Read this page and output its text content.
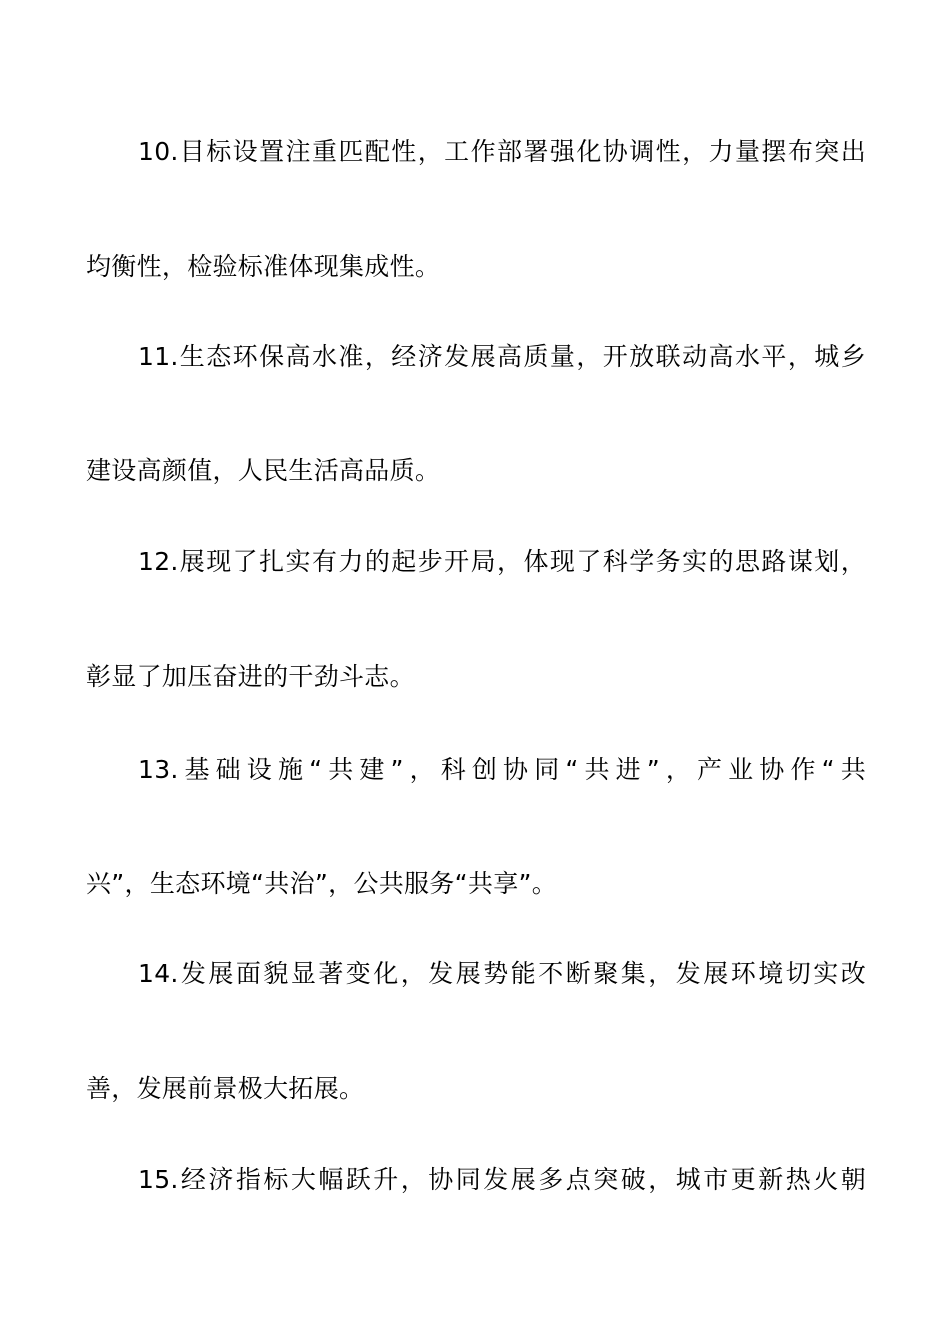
10.目标设置注重匹配性，工作部署强化协调性，力量摆布突出
均衡性，检验标准体现集成性。
11.生态环保高水准，经济发展高质量，开放联动高水平，城乡
建设高颜值，人民生活高品质。
12.展现了扎实有力的起步开局，体现了科学务实的思路谋划，
彰显了加压奋进的干劲斗志。
13.基础设施“共建”，科创协同“共进”，产业协作“共
兴”，生态环境“共治”，公共服务“共享”。
14.发展面貌显著变化，发展势能不断聚集，发展环境切实改
善，发展前景极大拓展。
15.经济指标大幅跃升，协同发展多点突破，城市更新热火朝
